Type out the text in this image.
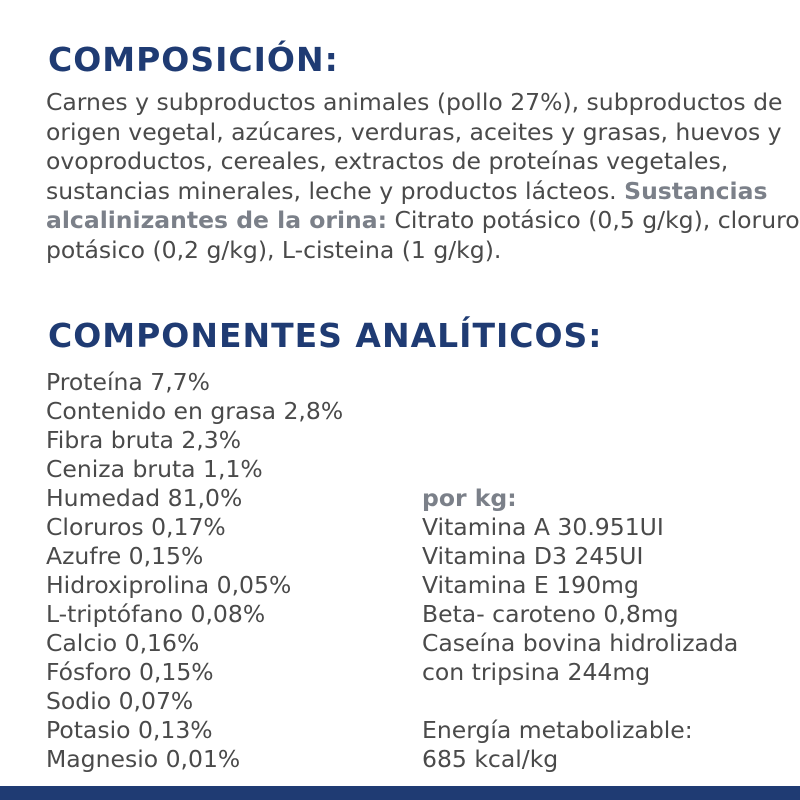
COMPOSICIÓN:

Carnes y subproductos animales (pollo 27%), subproductos de origen vegetal, azúcares, verduras, aceites y grasas, huevos y ovoproductos, cereales, extractos de proteínas vegetales, sustancias minerales, leche y productos lácteos. Sustancias alcalinizantes de la orina: Citrato potásico (0,5 g/kg), cloruro potásico (0,2 g/kg), L-cisteina (1 g/kg).

COMPONENTES ANALÍTICOS:
Proteína 7,7%
Contenido en grasa 2,8%
Fibra bruta 2,3%
Ceniza bruta 1,1%
Humedad 81,0%
Cloruros 0,17%
Azufre 0,15%
Hidroxiprolina 0,05%
L-triptófano 0,08%
Calcio 0,16%
Fósforo 0,15%
Sodio 0,07%
Potasio 0,13%
Magnesio 0,01%
por kg:
Vitamina A 30.951UI
Vitamina D3 245UI
Vitamina E 190mg
Beta- caroteno 0,8mg
Caseína bovina hidrolizada
con tripsina 244mg
Energía metabolizable:
685 kcal/kg
